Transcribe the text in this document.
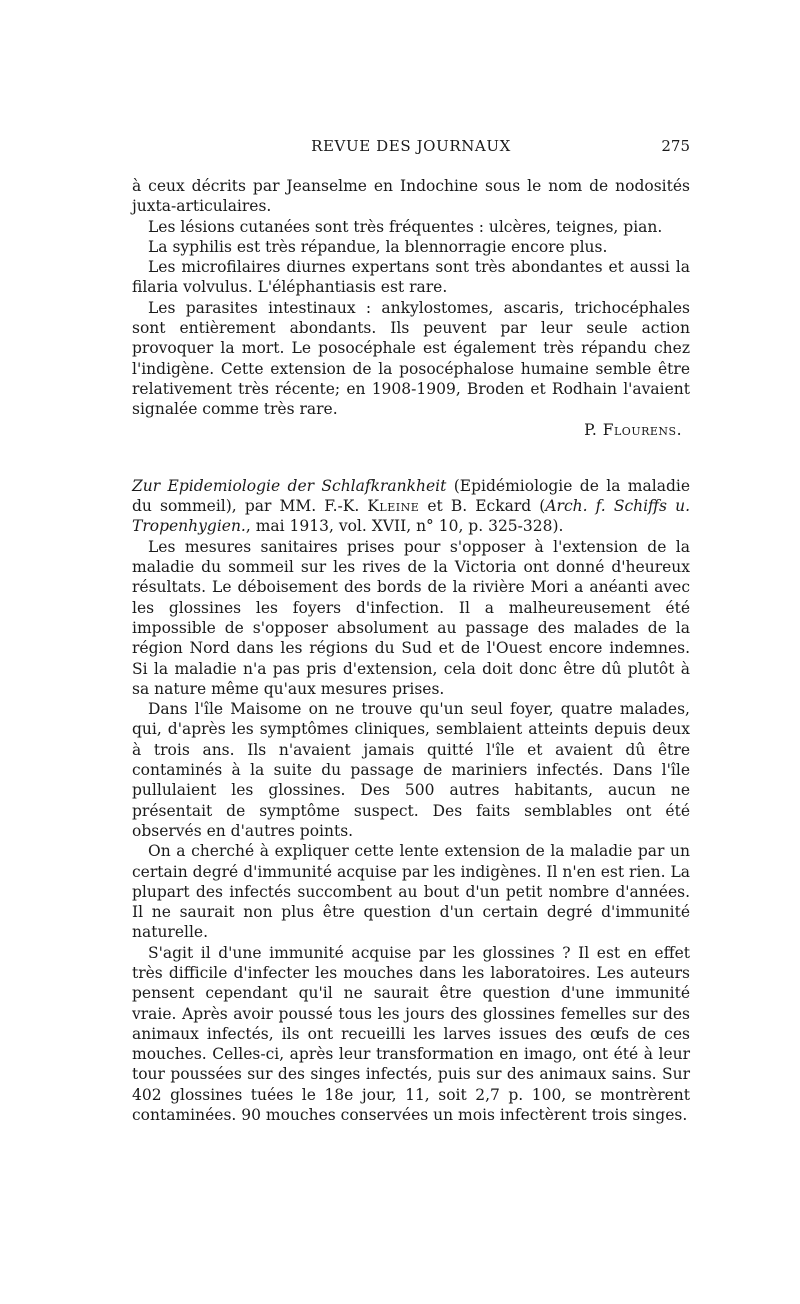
REVUE DES JOURNAUX	275

à ceux décrits par Jeanselme en Indochine sous le nom de nodosités juxta-articulaires.

Les lésions cutanées sont très fréquentes : ulcères, teignes, pian.

La syphilis est très répandue, la blennorragie encore plus.

Les microfilaires diurnes expertans sont très abondantes et aussi la filaria volvulus. L'éléphantiasis est rare.

Les parasites intestinaux : ankylostomes, ascaris, trichocéphales sont entièrement abondants. Ils peuvent par leur seule action provoquer la mort. Le posocéphale est également très répandu chez l'indigène. Cette extension de la posocéphalose humaine semble être relativement très récente; en 1908-1909, Broden et Rodhain l'avaient signalée comme très rare.

P. Flourens.

Zur Epidemiologie der Schlafkrankheit (Epidémiologie de la maladie du sommeil), par MM. F.-K. Kleine et B. Eckard (Arch. f. Schiffs u. Tropenhygien., mai 1913, vol. XVII, n° 10, p. 325-328).

Les mesures sanitaires prises pour s'opposer à l'extension de la maladie du sommeil sur les rives de la Victoria ont donné d'heureux résultats. Le déboisement des bords de la rivière Mori a anéanti avec les glossines les foyers d'infection. Il a malheureusement été impossible de s'opposer absolument au passage des malades de la région Nord dans les régions du Sud et de l'Ouest encore indemnes. Si la maladie n'a pas pris d'extension, cela doit donc être dû plutôt à sa nature même qu'aux mesures prises.

Dans l'île Maisome on ne trouve qu'un seul foyer, quatre malades, qui, d'après les symptômes cliniques, semblaient atteints depuis deux à trois ans. Ils n'avaient jamais quitté l'île et avaient dû être contaminés à la suite du passage de mariniers infectés. Dans l'île pullulaient les glossines. Des 500 autres habitants, aucun ne présentait de symptôme suspect. Des faits semblables ont été observés en d'autres points.

On a cherché à expliquer cette lente extension de la maladie par un certain degré d'immunité acquise par les indigènes. Il n'en est rien. La plupart des infectés succombent au bout d'un petit nombre d'années. Il ne saurait non plus être question d'un certain degré d'immunité naturelle.

S'agit il d'une immunité acquise par les glossines ? Il est en effet très difficile d'infecter les mouches dans les laboratoires. Les auteurs pensent cependant qu'il ne saurait être question d'une immunité vraie. Après avoir poussé tous les jours des glossines femelles sur des animaux infectés, ils ont recueilli les larves issues des œufs de ces mouches. Celles-ci, après leur transformation en imago, ont été à leur tour poussées sur des singes infectés, puis sur des animaux sains. Sur 402 glossines tuées le 18e jour, 11, soit 2,7 p. 100, se montrèrent contaminées. 90 mouches conservées un mois infectèrent trois singes.
